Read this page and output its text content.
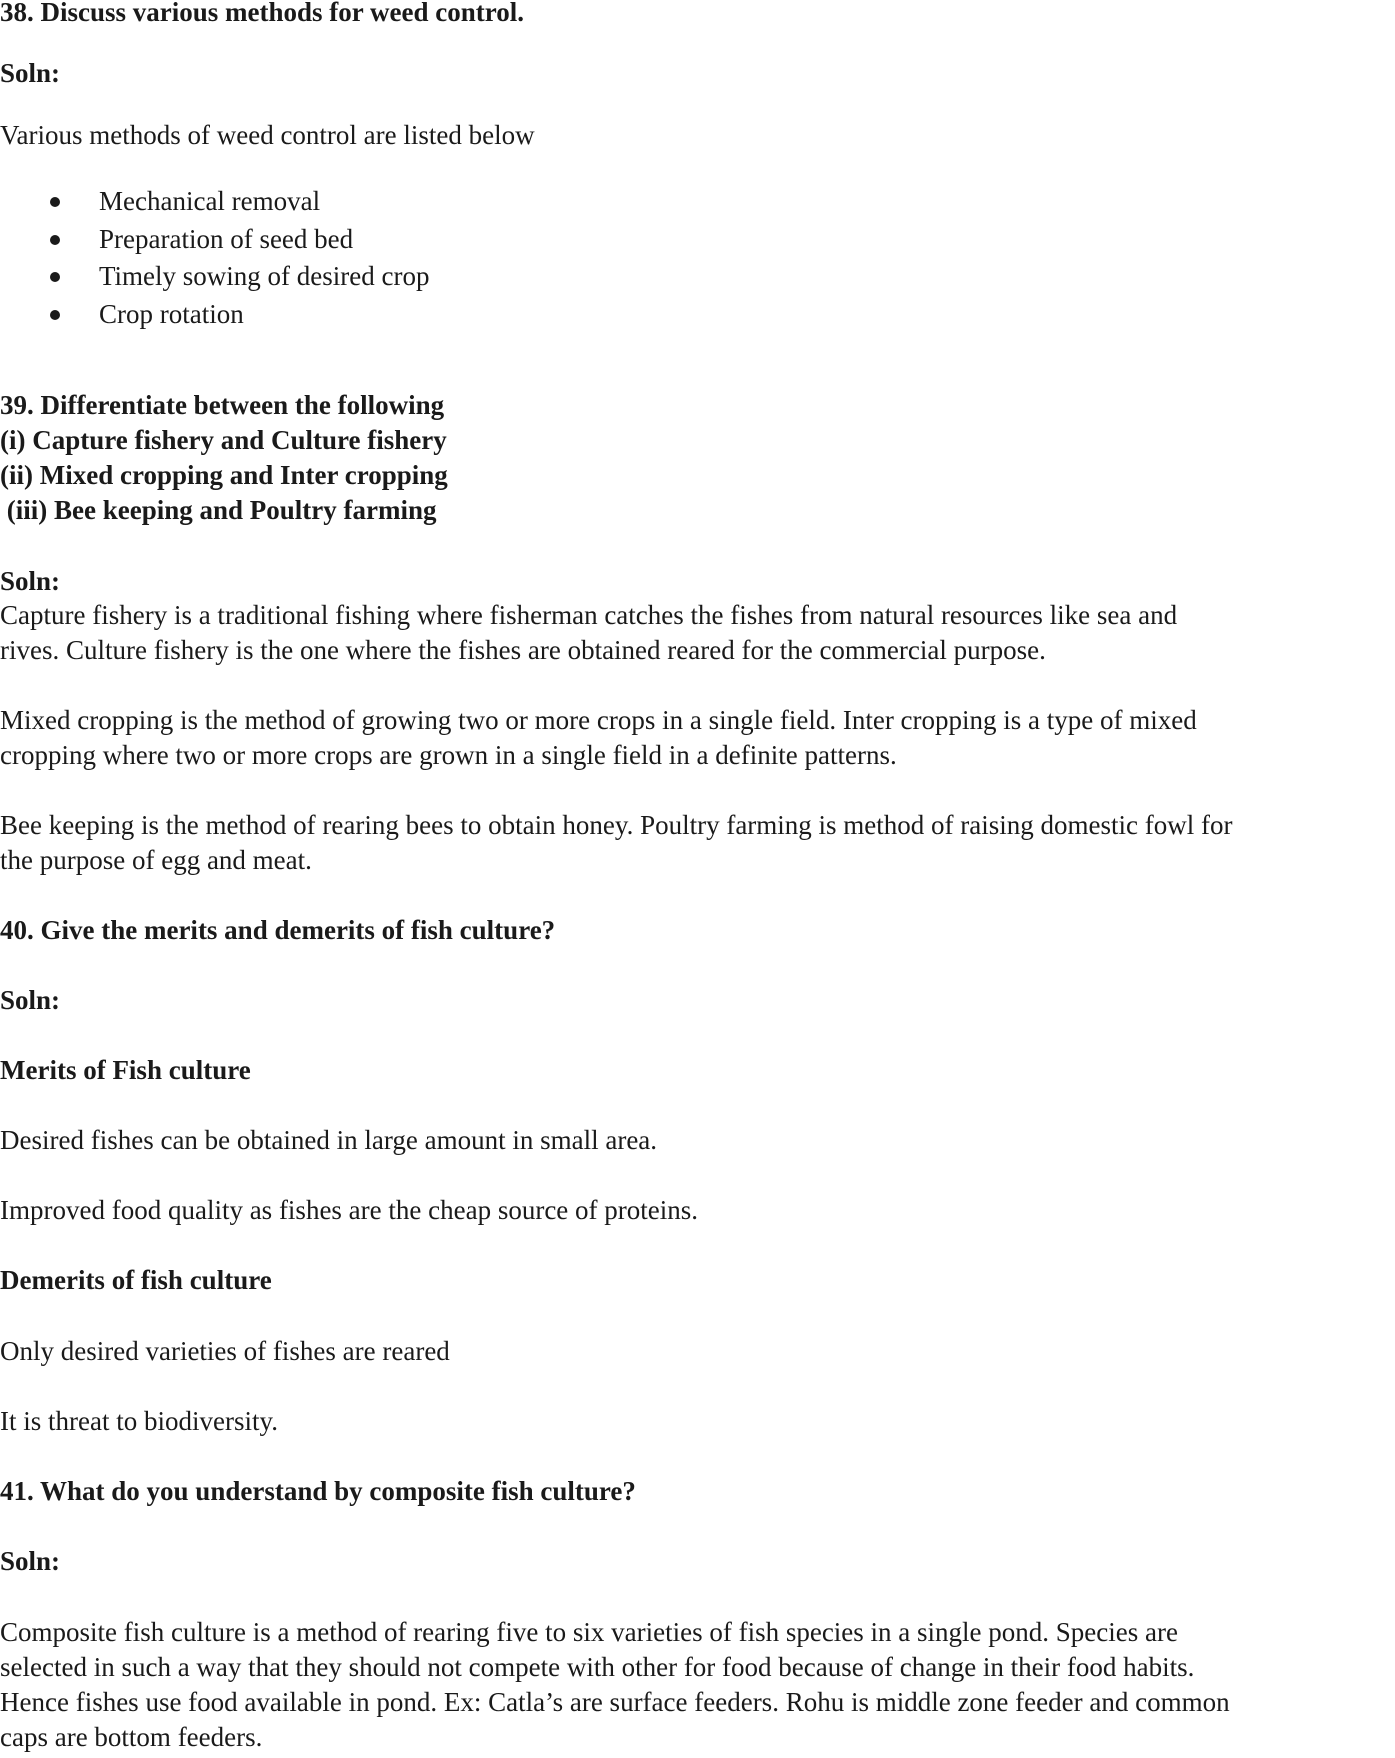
38. Discuss various methods for weed control.

Soln:

Various methods of weed control are listed below

Mechanical removal
Preparation of seed bed
Timely sowing of desired crop
Crop rotation

39. Differentiate between the following

(i) Capture fishery and Culture fishery

(ii) Mixed cropping and Inter cropping

(iii) Bee keeping and Poultry farming

Soln:

Capture fishery is a traditional fishing where fisherman catches the fishes from natural resources like sea and
rives. Culture fishery is the one where the fishes are obtained reared for the commercial purpose.
Mixed cropping is the method of growing two or more crops in a single field. Inter cropping is a type of mixed
cropping where two or more crops are grown in a single field in a definite patterns.
Bee keeping is the method of rearing bees to obtain honey. Poultry farming is method of raising domestic fowl for
the purpose of egg and meat.

40. Give the merits and demerits of fish culture?

Soln:

Merits of Fish culture

Desired fishes can be obtained in large amount in small area.

Improved food quality as fishes are the cheap source of proteins.

Demerits of fish culture

Only desired varieties of fishes are reared

It is threat to biodiversity.

41. What do you understand by composite fish culture?

Soln:

Composite fish culture is a method of rearing five to six varieties of fish species in a single pond. Species are
selected in such a way that they should not compete with other for food because of change in their food habits.
Hence fishes use food available in pond. Ex: Catla’s are surface feeders. Rohu is middle zone feeder and common
caps are bottom feeders.
